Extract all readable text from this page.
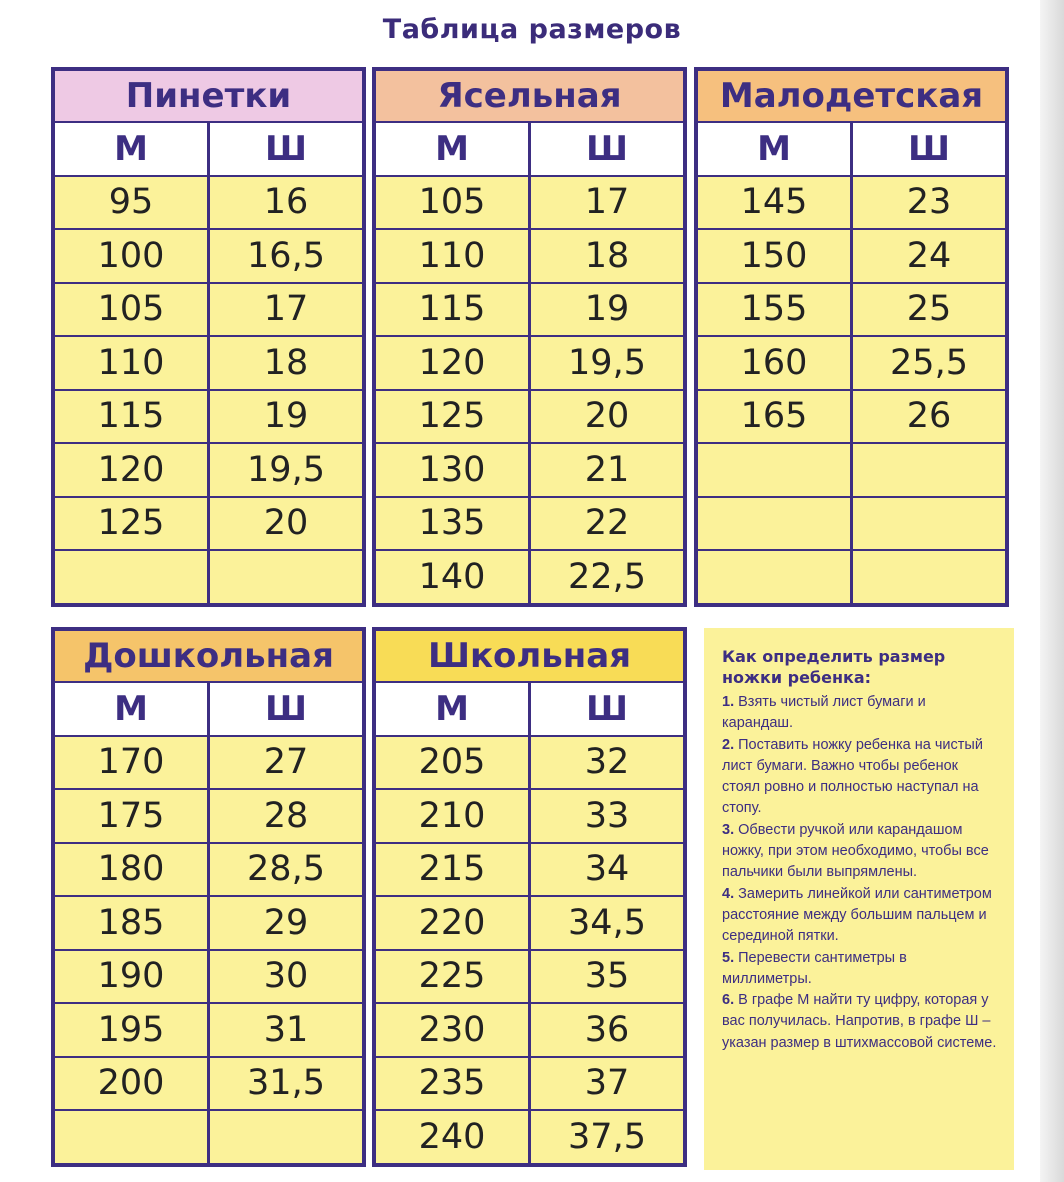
Таблица размеров
Пинетки
М	Ш
95	16
100	16,5
105	17
110	18
115	19
120	19,5
125	20
Ясельная
М	Ш
105	17
110	18
115	19
120	19,5
125	20
130	21
135	22
140	22,5
Малодетская
М	Ш
145	23
150	24
155	25
160	25,5
165	26
Дошкольная
М	Ш
170	27
175	28
180	28,5
185	29
190	30
195	31
200	31,5
Школьная
М	Ш
205	32
210	33
215	34
220	34,5
225	35
230	36
235	37
240	37,5
Как определить размер ножки ребенка:
1. Взять чистый лист бумаги и карандаш.
2. Поставить ножку ребенка на чистый лист бумаги. Важно чтобы ребенок стоял ровно и полностью наступал на стопу.
3. Обвести ручкой или карандашом ножку, при этом необходимо, чтобы все пальчики были выпрямлены.
4. Замерить линейкой или сантиметром расстояние между большим пальцем и серединой пятки.
5. Перевести сантиметры в миллиметры.
6. В графе М найти ту цифру, которая у вас получилась. Напротив, в графе Ш – указан размер в штихмассовой системе.
